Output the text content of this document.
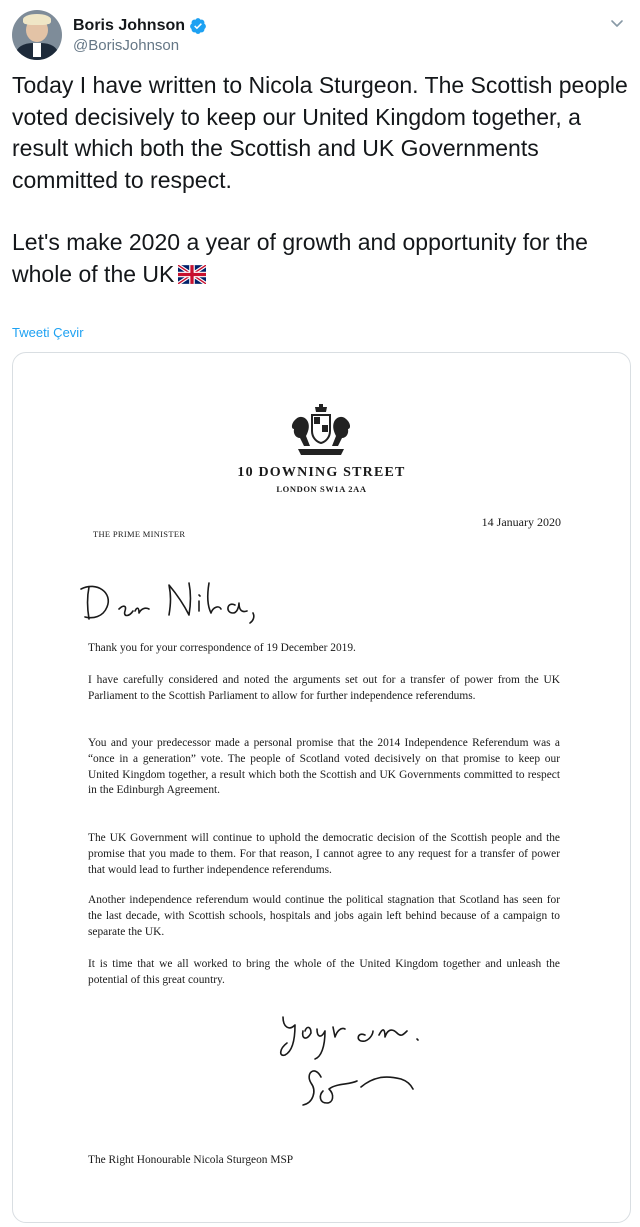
Boris Johnson
@BorisJohnson

Today I have written to Nicola Sturgeon. The Scottish people voted decisively to keep our United Kingdom together, a result which both the Scottish and UK Governments committed to respect.

Let's make 2020 a year of growth and opportunity for the whole of the UK

Tweeti Çevir
10 DOWNING STREET
LONDON SW1A 2AA
THE PRIME MINISTER
14 January 2020

Thank you for your correspondence of 19 December 2019.

I have carefully considered and noted the arguments set out for a transfer of power from the UK Parliament to the Scottish Parliament to allow for further independence referendums.

You and your predecessor made a personal promise that the 2014 Independence Referendum was a “once in a generation” vote. The people of Scotland voted decisively on that promise to keep our United Kingdom together, a result which both the Scottish and UK Governments committed to respect in the Edinburgh Agreement.

The UK Government will continue to uphold the democratic decision of the Scottish people and the promise that you made to them. For that reason, I cannot agree to any request for a transfer of power that would lead to further independence referendums.

Another independence referendum would continue the political stagnation that Scotland has seen for the last decade, with Scottish schools, hospitals and jobs again left behind because of a campaign to separate the UK.

It is time that we all worked to bring the whole of the United Kingdom together and unleash the potential of this great country.

The Right Honourable Nicola Sturgeon MSP
